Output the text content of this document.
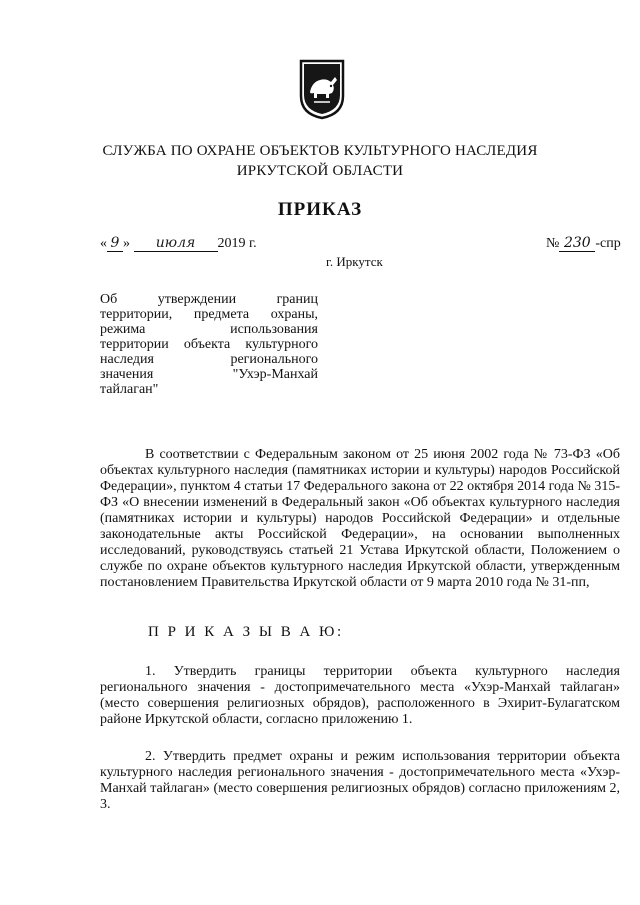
СЛУЖБА ПО ОХРАНЕ ОБЪЕКТОВ КУЛЬТУРНОГО НАСЛЕДИЯ
ИРКУТСКОЙ ОБЛАСТИ
ПРИКАЗ
« 9 » июля 2019 г.	№ 230 -спр
г. Иркутск
Об утверждении границ
территории, предмета охраны,
режима использования
территории объекта культурного
наследия регионального
значения "Ухэр-Манхай
тайлаган"
В соответствии с Федеральным законом от 25 июня 2002 года № 73-ФЗ «Об объектах культурного наследия (памятниках истории и культуры) народов Российской Федерации», пунктом 4 статьи 17 Федерального закона от 22 октября 2014 года № 315-ФЗ «О внесении изменений в Федеральный закон «Об объектах культурного наследия (памятниках истории и культуры) народов Российской Федерации» и отдельные законодательные акты Российской Федерации», на основании выполненных исследований, руководствуясь статьей 21 Устава Иркутской области, Положением о службе по охране объектов культурного наследия Иркутской области, утвержденным постановлением Правительства Иркутской области от 9 марта 2010 года № 31-пп,
П Р И К А З Ы В А Ю:
1. Утвердить границы территории объекта культурного наследия регионального значения - достопримечательного места «Ухэр-Манхай тайлаган» (место совершения религиозных обрядов), расположенного в Эхирит-Булагатском районе Иркутской области, согласно приложению 1.
2. Утвердить предмет охраны и режим использования территории объекта культурного наследия регионального значения - достопримечательного места «Ухэр-Манхай тайлаган» (место совершения религиозных обрядов) согласно приложениям 2, 3.
